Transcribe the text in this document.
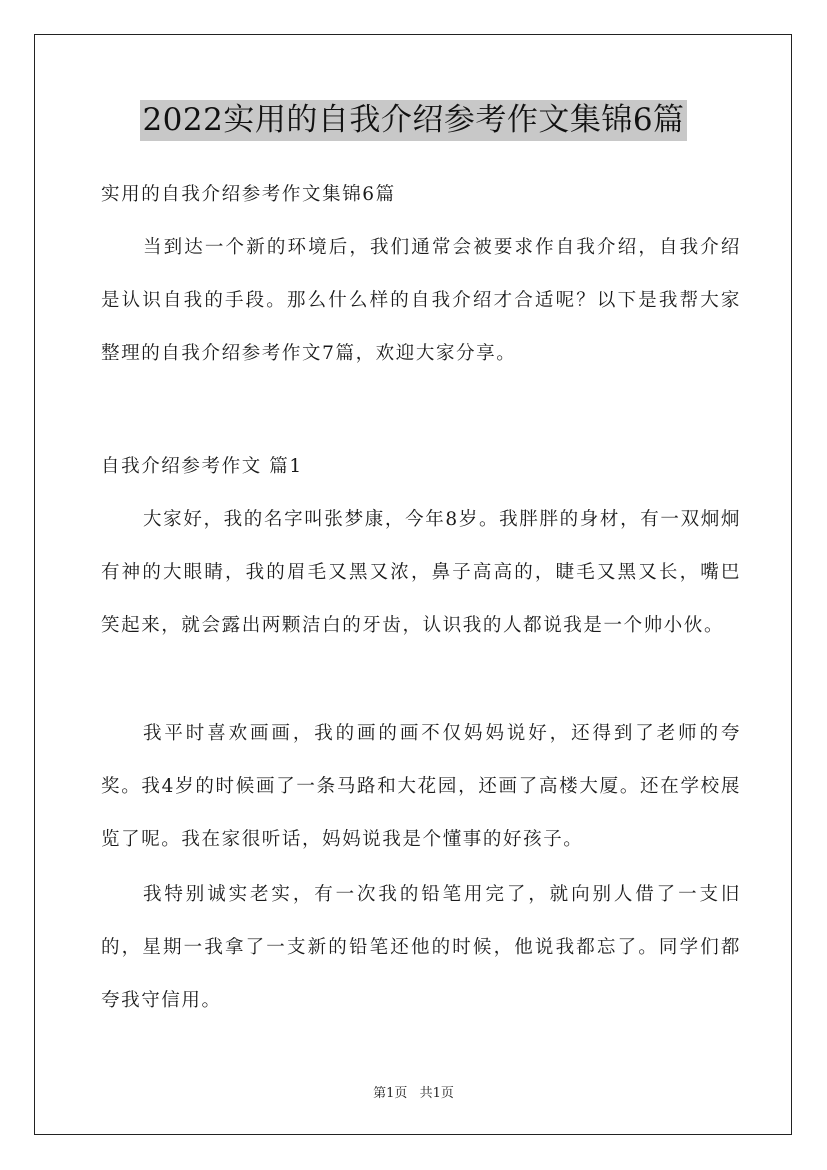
2022实用的自我介绍参考作文集锦6篇

实用的自我介绍参考作文集锦6篇

当到达一个新的环境后，我们通常会被要求作自我介绍，自我介绍是认识自我的手段。那么什么样的自我介绍才合适呢？以下是我帮大家整理的自我介绍参考作文7篇，欢迎大家分享。

自我介绍参考作文 篇1

大家好，我的名字叫张梦康，今年8岁。我胖胖的身材，有一双炯炯有神的大眼睛，我的眉毛又黑又浓，鼻子高高的，睫毛又黑又长，嘴巴笑起来，就会露出两颗洁白的牙齿，认识我的人都说我是一个帅小伙。

我平时喜欢画画，我的画的画不仅妈妈说好，还得到了老师的夸奖。我4岁的时候画了一条马路和大花园，还画了高楼大厦。还在学校展览了呢。我在家很听话，妈妈说我是个懂事的好孩子。

我特别诚实老实，有一次我的铅笔用完了，就向别人借了一支旧的，星期一我拿了一支新的铅笔还他的时候，他说我都忘了。同学们都夸我守信用。

第1页 共1页
